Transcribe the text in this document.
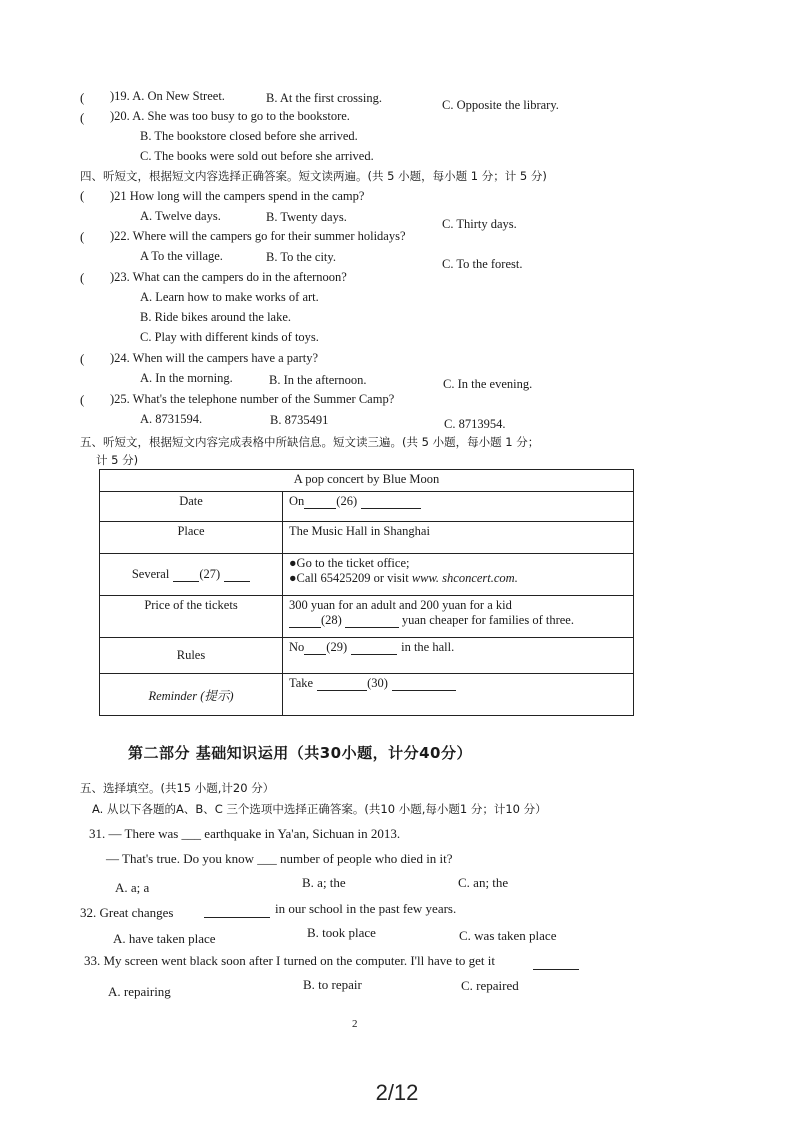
( )19. A. On New Street.	B. At the first crossing.	C. Opposite the library.
( )20. A. She was too busy to go to the bookstore.
B. The bookstore closed before she arrived.
C. The books were sold out before she arrived.
四、听短文，根据短文内容选择正确答案。短文读两遍。(共 5 小题，每小题 1 分；计 5 分)
( )21 How long will the campers spend in the camp?
A. Twelve days.	B. Twenty days.	C. Thirty days.
( )22. Where will the campers go for their summer holidays?
A To the village.	B. To the city.	C. To the forest.
( )23. What can the campers do in the afternoon?
A. Learn how to make works of art.
B. Ride bikes around the lake.
C. Play with different kinds of toys.
( )24. When will the campers have a party?
A. In the morning.	B. In the afternoon.	C. In the evening.
( )25. What's the telephone number of the Summer Camp?
A. 8731594.	B. 8735491	C. 8713954.
五、听短文，根据短文内容完成表格中所缺信息。短文读三遍。(共 5 小题，每小题 1 分；
计 5 分)
A pop concert by Blue Moon	
Date	On (26)
Place	The Music Hall in Shanghai
Several (27)	●Go to the ticket office;
●Call 65425209 or visit www. shconcert.com.

Price of the tickets	300 yuan for an adult and 200 yuan for a kid
(28) yuan cheaper for families of three.

Rules	No (29) in the hall.
Reminder (提示)	Take (30)
第二部分 基础知识运用（共30小题，计分40分）
五、选择填空。(共15 小题,计20 分）
A. 从以下各题的A、B、C 三个选项中选择正确答案。(共10 小题,每小题1 分；计10 分）
31. — There was ___ earthquake in Ya'an, Sichuan in 2013.
— That's true. Do you know ___ number of people who died in it?
A. a; a	B. a; the	C. an; the
32. Great changes	in our school in the past few years.
A. have taken place	B. took place	C. was taken place
33. My screen went black soon after I turned on the computer. I'll have to get it
A. repairing	B. to repair	C. repaired
2
2/12
